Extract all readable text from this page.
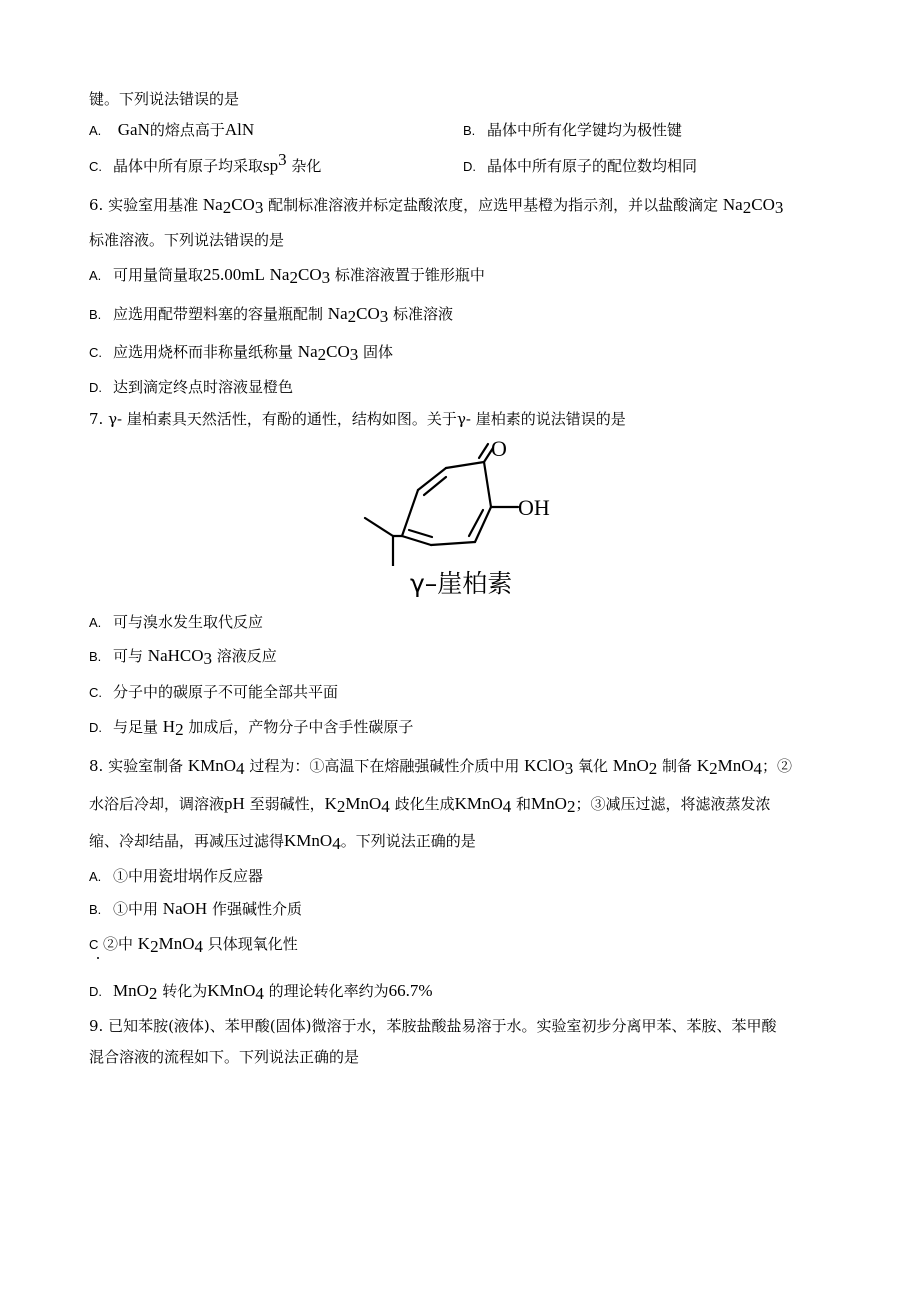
键。下列说法错误的是
A. GaN的熔点高于AlN	B. 晶体中所有化学键均为极性键
C. 晶体中所有原子均采取$sp^3$ 杂化	D. 晶体中所有原子的配位数均相同
6. 实验室用基准 $Na_2CO_3$ 配制标准溶液并标定盐酸浓度，应选甲基橙为指示剂，并以盐酸滴定 $Na_2CO_3$
标准溶液。下列说法错误的是
A. 可用量筒量取25.00mL $Na_2CO_3$ 标准溶液置于锥形瓶中
B. 应选用配带塑料塞的容量瓶配制 $Na_2CO_3$ 标准溶液
C. 应选用烧杯而非称量纸称量 $Na_2CO_3$ 固体
D. 达到滴定终点时溶液显橙色
7. γ- 崖柏素具天然活性，有酚的通性，结构如图。关于γ- 崖柏素的说法错误的是
O
OH
γ–崖柏素
A. 可与溴水发生取代反应
B. 可与 NaHCO$_3$ 溶液反应
C. 分子中的碳原子不可能全部共平面
D. 与足量 $H_2$ 加成后，产物分子中含手性碳原子
8. 实验室制备 KMnO$_4$ 过程为：①高温下在熔融强碱性介质中用 KClO$_3$ 氧化 MnO$_2$ 制备 $K_2MnO_4$；②
水浴后冷却，调溶液pH 至弱碱性，$K_2MnO_4$ 歧化生成KMnO$_4$ 和MnO$_2$；③减压过滤，将滤液蒸发浓
缩、冷却结晶，再减压过滤得KMnO$_4$。下列说法正确的是
A. ①中用瓷坩埚作反应器
B. ①中用 NaOH 作强碱性介质
C ②中 $K_2MnO_4$ 只体现氧化性
D. MnO$_2$ 转化为KMnO$_4$ 的理论转化率约为66.7%
9. 已知苯胺(液体)、苯甲酸(固体)微溶于水，苯胺盐酸盐易溶于水。实验室初步分离甲苯、苯胺、苯甲酸
混合溶液的流程如下。下列说法正确的是
